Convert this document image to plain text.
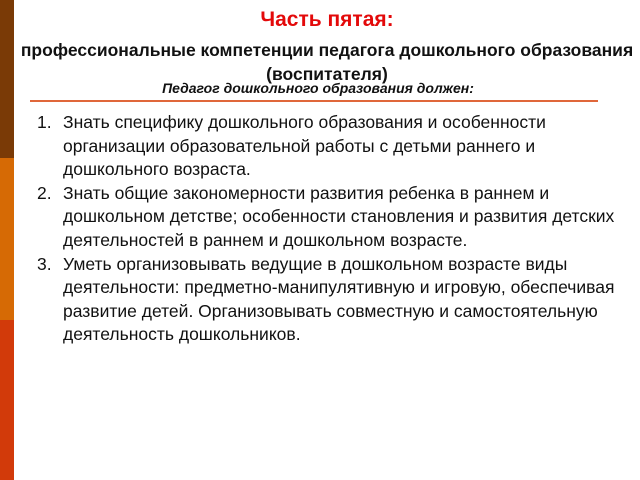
Часть пятая:
профессиональные компетенции педагога дошкольного образования (воспитателя)

Педагог дошкольного образования должен:

1. Знать специфику дошкольного образования и особенности организации образовательной работы с детьми раннего и дошкольного возраста.
2. Знать общие закономерности развития ребенка в раннем и дошкольном детстве; особенности становления и развития детских деятельностей в раннем и дошкольном возрасте.
3. Уметь организовывать ведущие в дошкольном возрасте виды деятельности: предметно-манипулятивную и игровую, обеспечивая развитие детей. Организовывать совместную и самостоятельную деятельность дошкольников.
